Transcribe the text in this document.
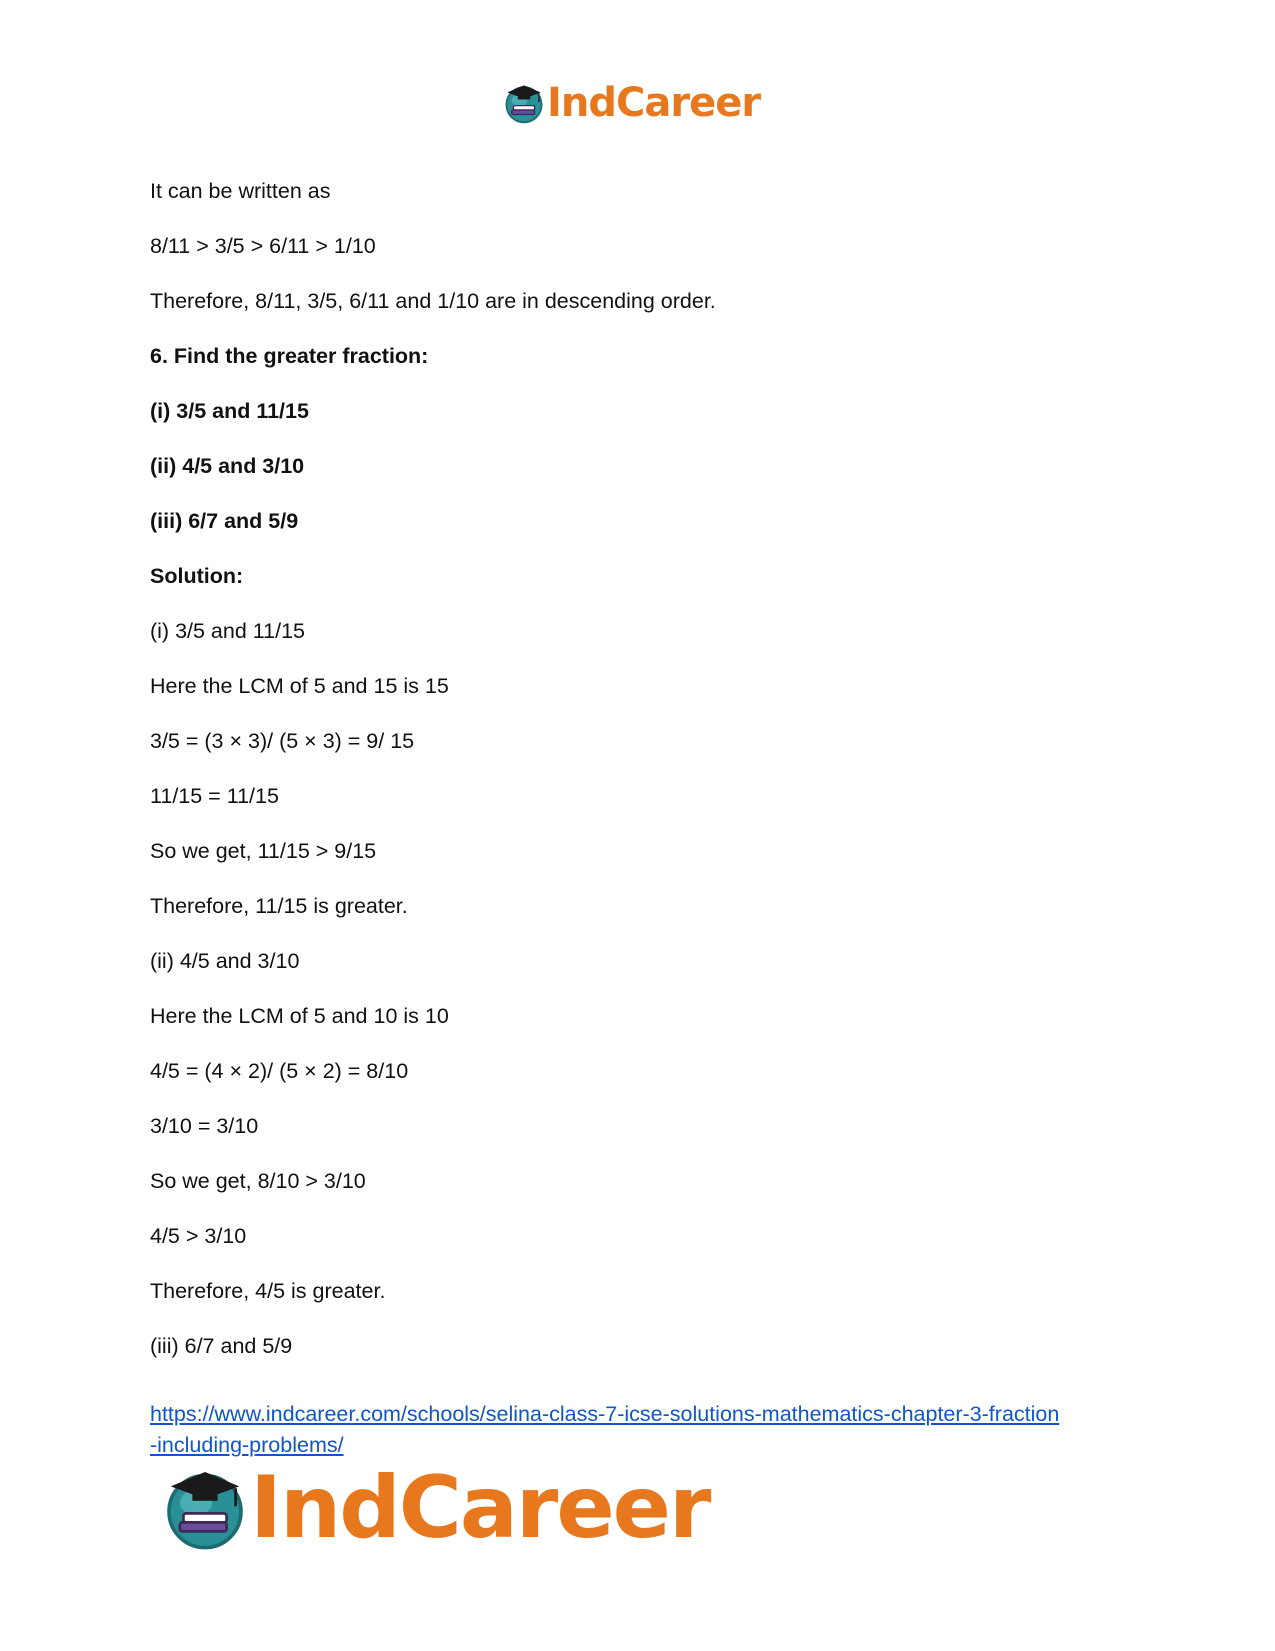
IndCareer
It can be written as
8/11 > 3/5 > 6/11 > 1/10
Therefore, 8/11, 3/5, 6/11 and 1/10 are in descending order.
6. Find the greater fraction:
(i) 3/5 and 11/15
(ii) 4/5 and 3/10
(iii) 6/7 and 5/9
Solution:
(i) 3/5 and 11/15
Here the LCM of 5 and 15 is 15
3/5 = (3 × 3)/ (5 × 3) = 9/ 15
11/15 = 11/15
So we get, 11/15 > 9/15
Therefore, 11/15 is greater.
(ii) 4/5 and 3/10
Here the LCM of 5 and 10 is 10
4/5 = (4 × 2)/ (5 × 2) = 8/10
3/10 = 3/10
So we get, 8/10 > 3/10
4/5 > 3/10
Therefore, 4/5 is greater.
(iii) 6/7 and 5/9
https://www.indcareer.com/schools/selina-class-7-icse-solutions-mathematics-chapter-3-fraction
-including-problems/
IndCareer
